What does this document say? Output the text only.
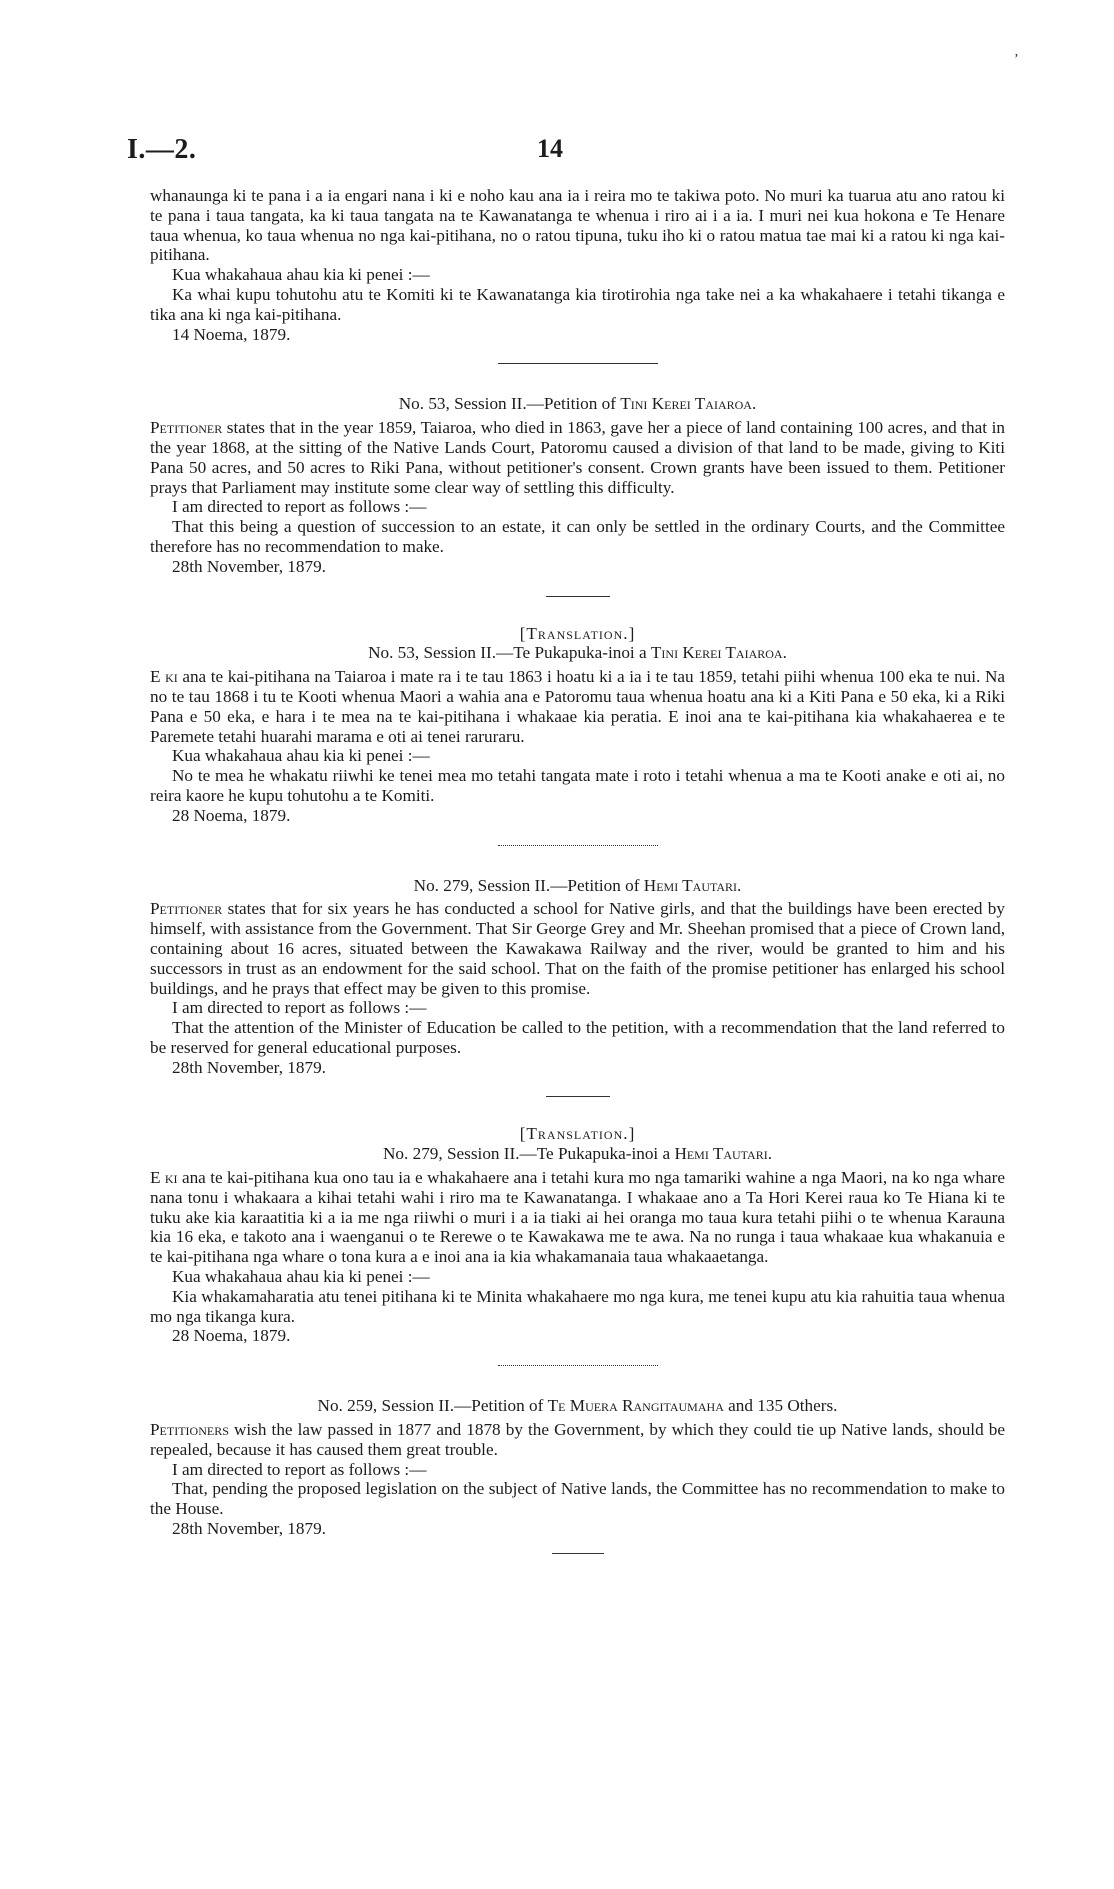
ʼ
I.—2.	14

whanaunga ki te pana i a ia engari nana i ki e noho kau ana ia i reira mo te takiwa poto. No muri ka tuarua atu ano ratou ki te pana i taua tangata, ka ki taua tangata na te Kawanatanga te whenua i riro ai i a ia. I muri nei kua hokona e Te Henare taua whenua, ko taua whenua no nga kai-pitihana, no o ratou tipuna, tuku iho ki o ratou matua tae mai ki a ratou ki nga kai-pitihana.

Kua whakahaua ahau kia ki penei :—

Ka whai kupu tohutohu atu te Komiti ki te Kawanatanga kia tirotirohia nga take nei a ka whakahaere i tetahi tikanga e tika ana ki nga kai-pitihana.

14 Noema, 1879.

No. 53, Session II.—Petition of Tini Kerei Taiaroa.

Petitioner states that in the year 1859, Taiaroa, who died in 1863, gave her a piece of land containing 100 acres, and that in the year 1868, at the sitting of the Native Lands Court, Patoromu caused a division of that land to be made, giving to Kiti Pana 50 acres, and 50 acres to Riki Pana, without petitioner's consent. Crown grants have been issued to them. Petitioner prays that Parliament may institute some clear way of settling this difficulty.

I am directed to report as follows :—

That this being a question of succession to an estate, it can only be settled in the ordinary Courts, and the Committee therefore has no recommendation to make.

28th November, 1879.

[Translation.]

No. 53, Session II.—Te Pukapuka-inoi a Tini Kerei Taiaroa.

E ki ana te kai-pitihana na Taiaroa i mate ra i te tau 1863 i hoatu ki a ia i te tau 1859, tetahi piihi whenua 100 eka te nui. Na no te tau 1868 i tu te Kooti whenua Maori a wahia ana e Patoromu taua whenua hoatu ana ki a Kiti Pana e 50 eka, ki a Riki Pana e 50 eka, e hara i te mea na te kai-pitihana i whakaae kia peratia. E inoi ana te kai-pitihana kia whakahaerea e te Paremete tetahi huarahi marama e oti ai tenei raruraru.

Kua whakahaua ahau kia ki penei :—

No te mea he whakatu riiwhi ke tenei mea mo tetahi tangata mate i roto i tetahi whenua a ma te Kooti anake e oti ai, no reira kaore he kupu tohutohu a te Komiti.

28 Noema, 1879.

No. 279, Session II.—Petition of Hemi Tautari.

Petitioner states that for six years he has conducted a school for Native girls, and that the buildings have been erected by himself, with assistance from the Government. That Sir George Grey and Mr. Sheehan promised that a piece of Crown land, containing about 16 acres, situated between the Kawakawa Railway and the river, would be granted to him and his successors in trust as an endowment for the said school. That on the faith of the promise petitioner has enlarged his school buildings, and he prays that effect may be given to this promise.

I am directed to report as follows :—

That the attention of the Minister of Education be called to the petition, with a recommendation that the land referred to be reserved for general educational purposes.

28th November, 1879.

[Translation.]

No. 279, Session II.—Te Pukapuka-inoi a Hemi Tautari.

E ki ana te kai-pitihana kua ono tau ia e whakahaere ana i tetahi kura mo nga tamariki wahine a nga Maori, na ko nga whare nana tonu i whakaara a kihai tetahi wahi i riro ma te Kawanatanga. I whakaae ano a Ta Hori Kerei raua ko Te Hiana ki te tuku ake kia karaatitia ki a ia me nga riiwhi o muri i a ia tiaki ai hei oranga mo taua kura tetahi piihi o te whenua Karauna kia 16 eka, e takoto ana i waenganui o te Rerewe o te Kawakawa me te awa. Na no runga i taua whakaae kua whakanuia e te kai-pitihana nga whare o tona kura a e inoi ana ia kia whakamanaia taua whakaaetanga.

Kua whakahaua ahau kia ki penei :—

Kia whakamaharatia atu tenei pitihana ki te Minita whakahaere mo nga kura, me tenei kupu atu kia rahuitia taua whenua mo nga tikanga kura.

28 Noema, 1879.

No. 259, Session II.—Petition of Te Muera Rangitaumaha and 135 Others.

Petitioners wish the law passed in 1877 and 1878 by the Government, by which they could tie up Native lands, should be repealed, because it has caused them great trouble.

I am directed to report as follows :—

That, pending the proposed legislation on the subject of Native lands, the Committee has no recommendation to make to the House.

28th November, 1879.
